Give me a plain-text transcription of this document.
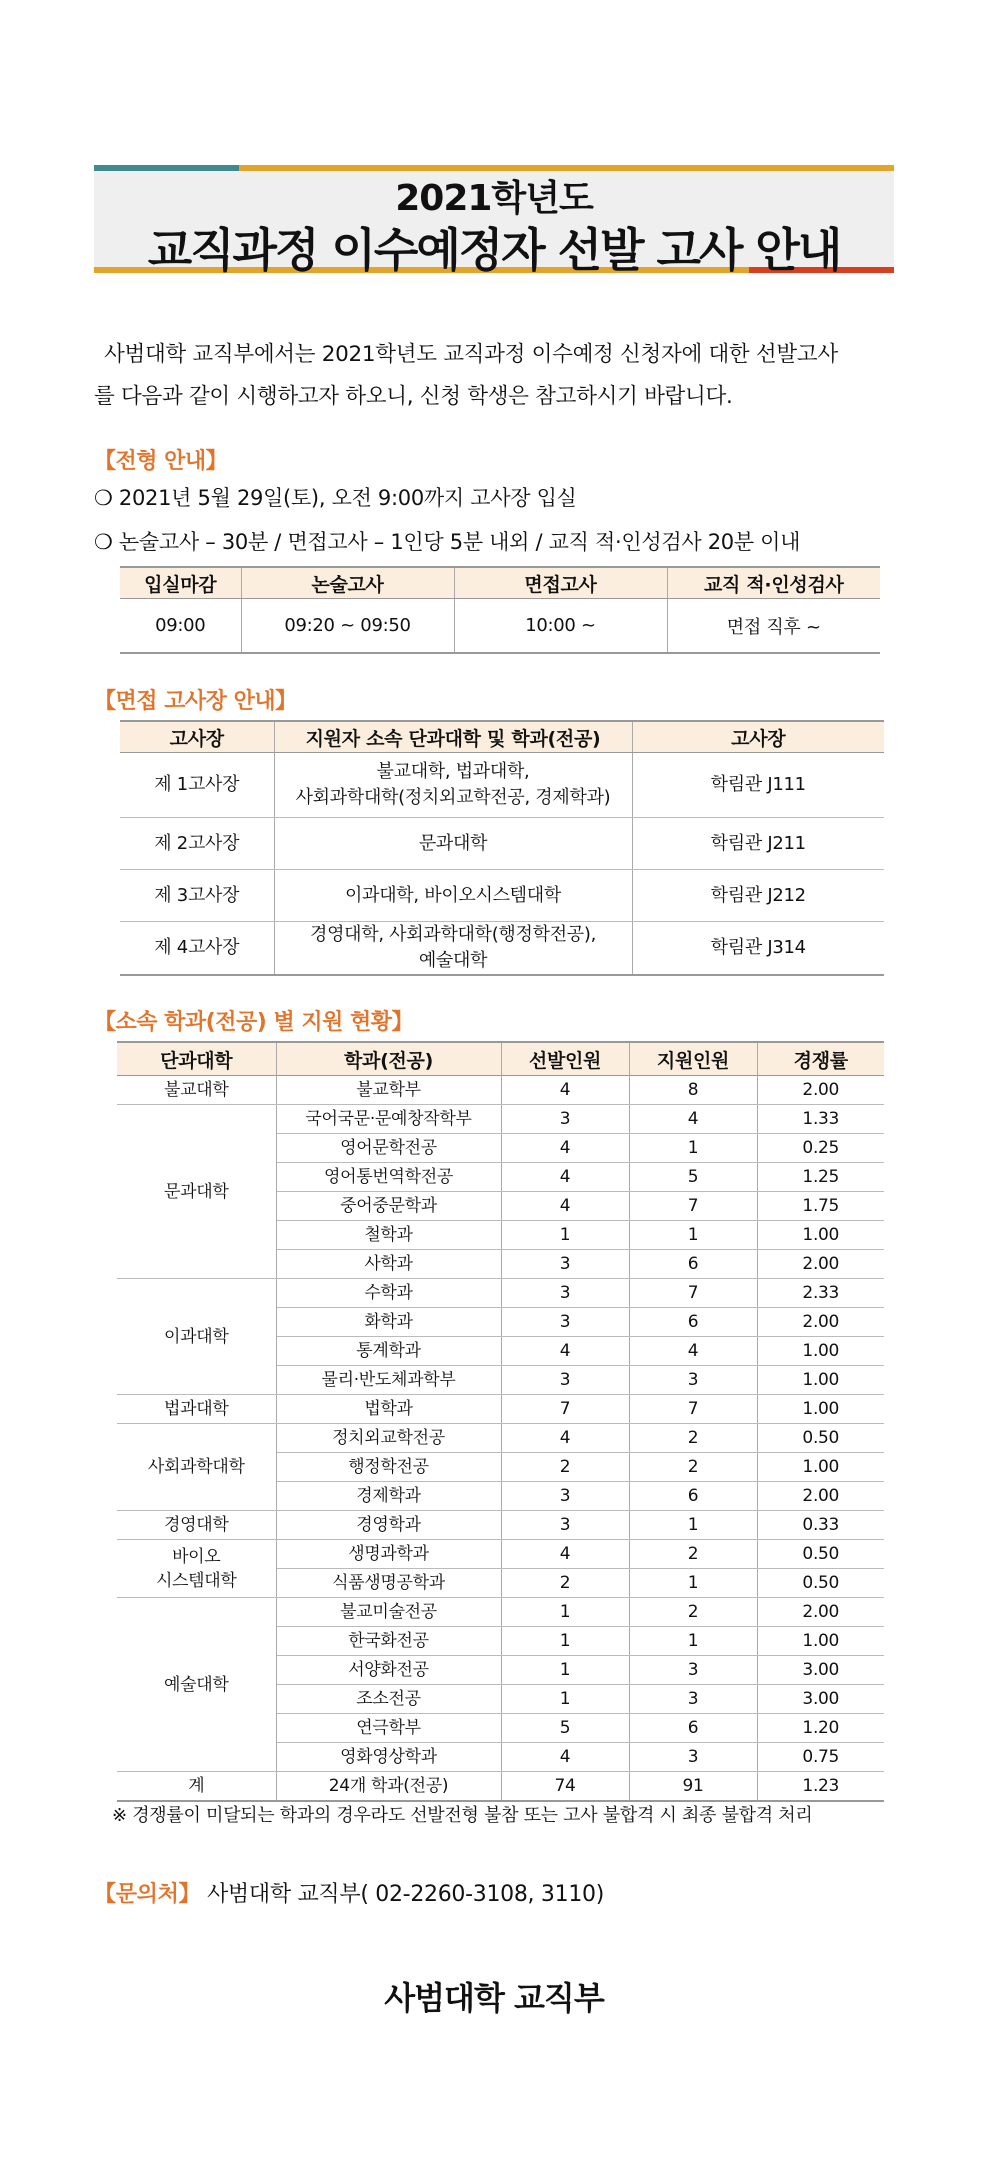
2021학년도
교직과정 이수예정자 선발 고사 안내
사범대학 교직부에서는 2021학년도 교직과정 이수예정 신청자에 대한 선발고사
를 다음과 같이 시행하고자 하오니, 신청 학생은 참고하시기 바랍니다.
【전형 안내】
❍ 2021년 5월 29일(토), 오전 9:00까지 고사장 입실
❍ 논술고사 – 30분 / 면접고사 – 1인당 5분 내외 / 교직 적·인성검사 20분 이내
입실마감	논술고사	면접고사	교직 적·인성검사
09:00	09:20 ~ 09:50	10:00 ~	면접 직후 ~
【면접 고사장 안내】
고사장	지원자 소속 단과대학 및 학과(전공)	고사장
제 1고사장	불교대학, 법과대학,
사회과학대학(정치외교학전공, 경제학과)	학림관 J111
제 2고사장	문과대학	학림관 J211
제 3고사장	이과대학, 바이오시스템대학	학림관 J212
제 4고사장	경영대학, 사회과학대학(행정학전공),
예술대학	학림관 J314
【소속 학과(전공) 별 지원 현황】
단과대학	학과(전공)	선발인원	지원인원	경쟁률
불교대학	불교학부	4	8	2.00
문과대학	국어국문·문예창작학부	3	4	1.33
	영어문학전공	4	1	0.25
	영어통번역학전공	4	5	1.25
	중어중문학과	4	7	1.75
	철학과	1	1	1.00
	사학과	3	6	2.00
이과대학	수학과	3	7	2.33
	화학과	3	6	2.00
	통계학과	4	4	1.00
	물리·반도체과학부	3	3	1.00
법과대학	법학과	7	7	1.00
사회과학대학	정치외교학전공	4	2	0.50
	행정학전공	2	2	1.00
	경제학과	3	6	2.00
경영대학	경영학과	3	1	0.33
바이오
시스템대학	생명과학과	4	2	0.50
	식품생명공학과	2	1	0.50
예술대학	불교미술전공	1	2	2.00
	한국화전공	1	1	1.00
	서양화전공	1	3	3.00
	조소전공	1	3	3.00
	연극학부	5	6	1.20
	영화영상학과	4	3	0.75
계	24개 학과(전공)	74	91	1.23
※ 경쟁률이 미달되는 학과의 경우라도 선발전형 불참 또는 고사 불합격 시 최종 불합격 처리
【문의처】 사범대학 교직부( 02-2260-3108, 3110)
사범대학 교직부
